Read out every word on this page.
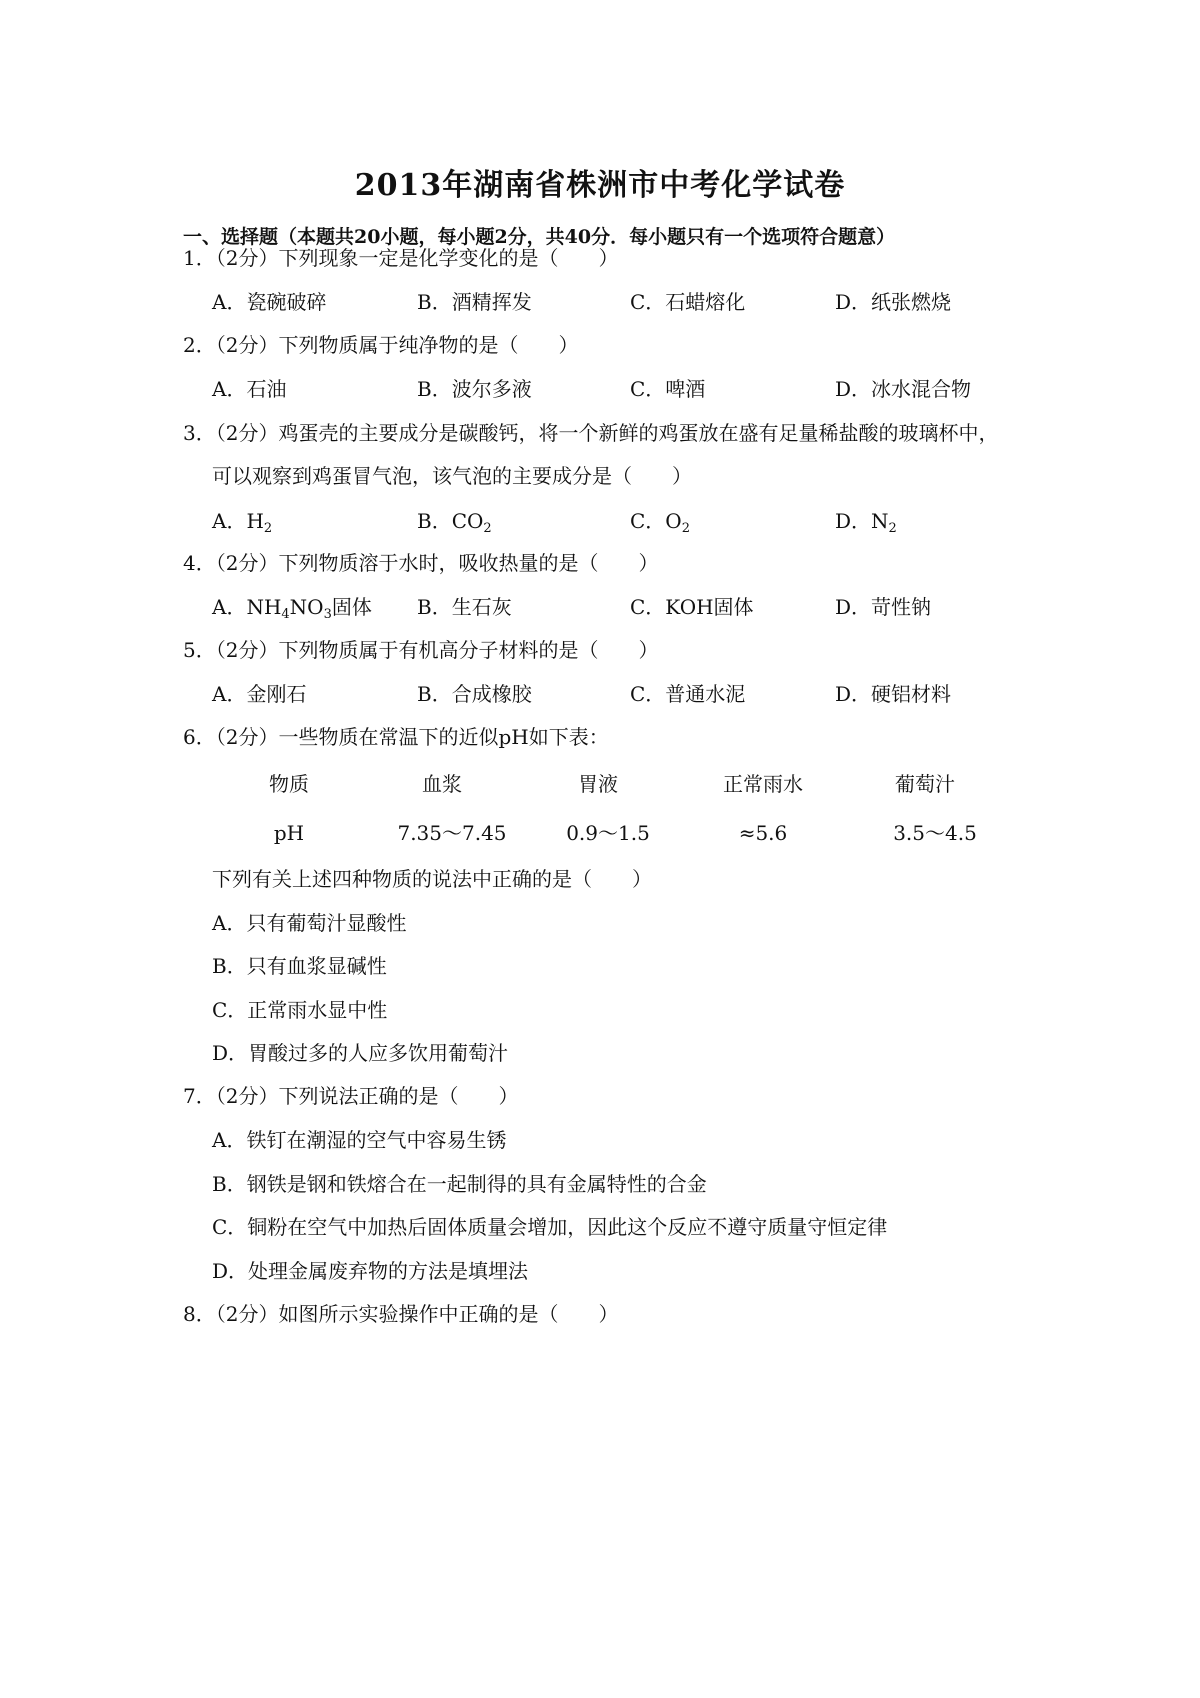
2013年湖南省株洲市中考化学试卷
一、选择题（本题共20小题，每小题2分，共40分．每小题只有一个选项符合题意）
1．（2分）下列现象一定是化学变化的是（　　）
A．瓷碗破碎	B．酒精挥发	C．石蜡熔化	D．纸张燃烧
2．（2分）下列物质属于纯净物的是（　　）
A．石油	B．波尔多液	C．啤酒	D．冰水混合物
3．（2分）鸡蛋壳的主要成分是碳酸钙，将一个新鲜的鸡蛋放在盛有足量稀盐酸的玻璃杯中，
可以观察到鸡蛋冒气泡，该气泡的主要成分是（　　）
A．$H_2$	B．$CO_2$	C．$O_2$	D．$N_2$
4．（2分）下列物质溶于水时，吸收热量的是（　　）
A．$NH_4NO_3$固体 B．生石灰	C．KOH固体	D．苛性钠
5．（2分）下列物质属于有机高分子材料的是（　　）
A．金刚石	B．合成橡胶	C．普通水泥	D．硬铝材料
6．（2分）一些物质在常温下的近似pH如下表：
物质	血浆	胃液	正常雨水	葡萄汁
pH	7.35～7.45	0.9～1.5	≈5.6	3.5～4.5
下列有关上述四种物质的说法中正确的是（　　）
A．只有葡萄汁显酸性
B．只有血浆显碱性
C．正常雨水显中性
D．胃酸过多的人应多饮用葡萄汁
7．（2分）下列说法正确的是（　　）
A．铁钉在潮湿的空气中容易生锈
B．钢铁是钢和铁熔合在一起制得的具有金属特性的合金
C．铜粉在空气中加热后固体质量会增加，因此这个反应不遵守质量守恒定律
D．处理金属废弃物的方法是填埋法
8．（2分）如图所示实验操作中正确的是（　　）
